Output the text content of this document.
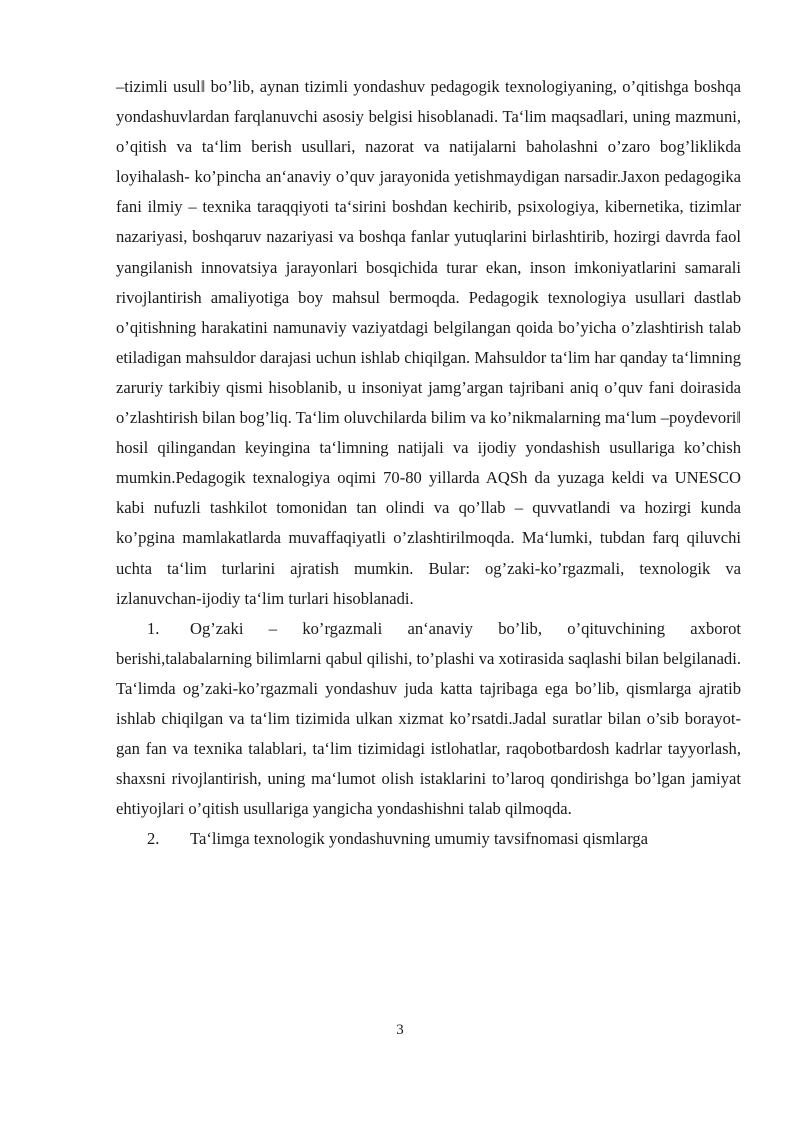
‒tizimli usul‖ bo’lib, aynan tizimli yondashuv pedagogik texnologiyaning, o’qitishga boshqa yondashuvlardan farqlanuvchi asosiy belgisi hisoblanadi. Ta‘lim maqsadlari, uning mazmuni, o’qitish va ta‘lim berish usullari, nazorat va natijalarni baholashni o’zaro bog’liklikda loyihalash- ko’pincha an‘anaviy o’quv jarayonida yetishmaydigan narsadir.Jaxon pedagogika fani ilmiy – texnika taraqqiyoti ta‘sirini boshdan kechirib, psixologiya, kibernetika, tizimlar nazariyasi, boshqaruv nazariyasi va boshqa fanlar yutuqlarini birlashtirib, hozirgi davrda faol yangilanish innovatsiya jarayonlari bosqichida turar ekan, inson imkoniyatlarini samarali rivojlantirish amaliyotiga boy mahsul bermoqda. Pedagogik texnologiya usullari dastlab o’qitishning harakatini namunaviy vaziyatdagi belgilangan qoida bo’yicha o’zlashtirish talab etiladigan mahsuldor darajasi uchun ishlab chiqilgan. Mahsuldor ta‘lim har qanday ta‘limning zaruriy tarkibiy qismi hisoblanib, u insoniyat jamg’argan tajribani aniq o’quv fani doirasida o’zlashtirish bilan bog’liq. Ta‘lim oluvchilarda bilim va ko’nikmalarning ma‘lum ‒poydevori‖ hosil qilingandan keyingina ta‘limning natijali va ijodiy yondashish usullariga ko’chish mumkin.Pedagogik texnalogiya oqimi 70-80 yillarda AQSh da yuzaga keldi va UNESCO kabi nufuzli tashkilot tomonidan tan olindi va qo’llab – quvvatlandi va hozirgi kunda ko’pgina mamlakatlarda muvaffaqiyatli o’zlashtirilmoqda. Ma‘lumki, tubdan farq qiluvchi uchta ta‘lim turlarini ajratish mumkin. Bular: og’zaki-ko’rgazmali, texnologik va izlanuvchan-ijodiy ta‘lim turlari hisoblanadi.

1. Og’zaki – ko’rgazmali an‘anaviy bo’lib, o’qituvchining axborot berishi,talabalarning bilimlarni qabul qilishi, to’plashi va xotirasida saqlashi bilan belgilanadi. Ta‘limda og’zaki-ko’rgazmali yondashuv juda katta tajribaga ega bo’lib, qismlarga ajratib ishlab chiqilgan va ta‘lim tizimida ulkan xizmat ko’rsatdi.Jadal suratlar bilan o’sib borayot-gan fan va texnika talablari, ta‘lim tizimidagi istlohatlar, raqobotbardosh kadrlar tayyorlash, shaxsni rivojlantirish, uning ma‘lumot olish istaklarini to’laroq qondirishga bo’lgan jamiyat ehtiyojlari o’qitish usullariga yangicha yondashishni talab qilmoqda.

2. Ta‘limga texnologik yondashuvning umumiy tavsifnomasi qismlarga

3
